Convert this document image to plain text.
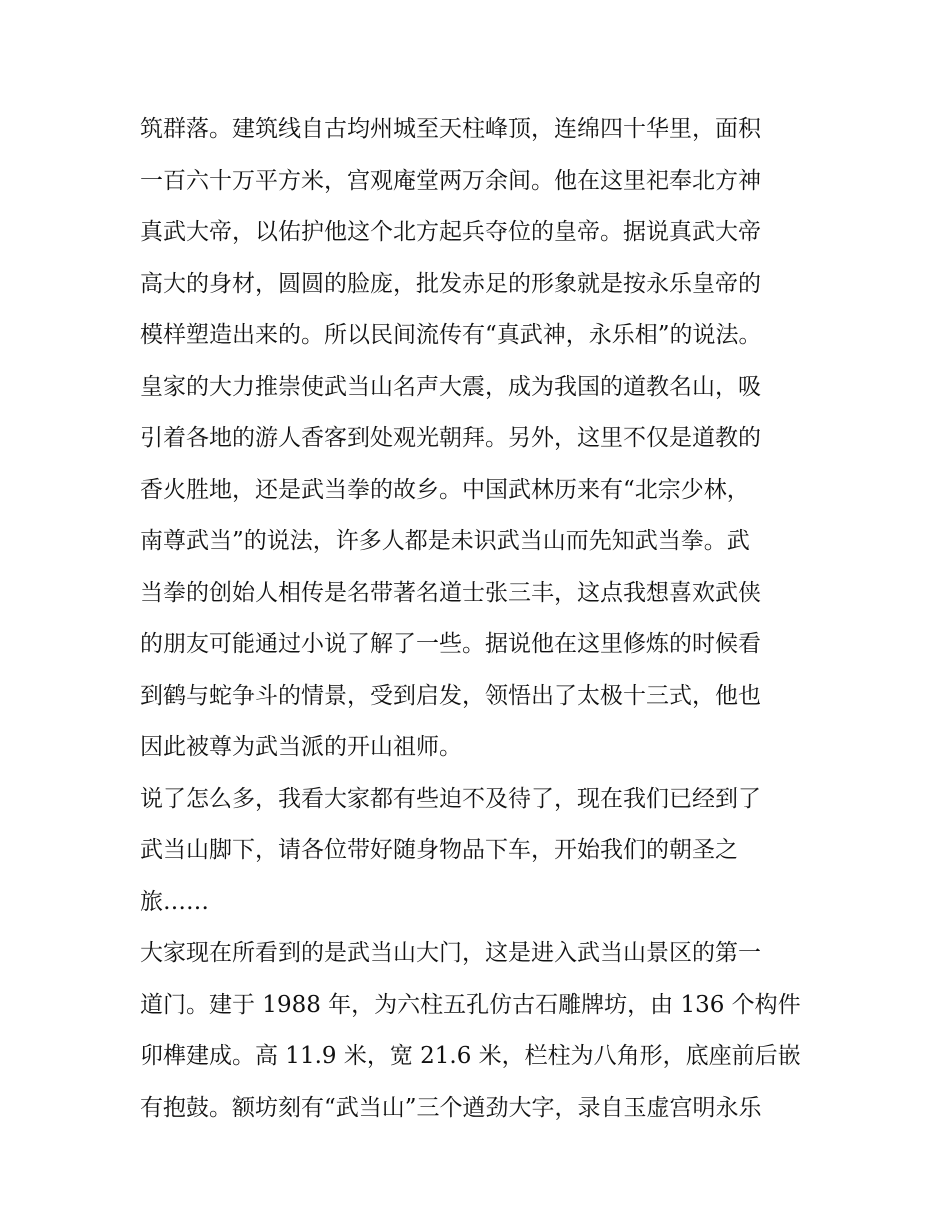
筑群落。建筑线自古均州城至天柱峰顶，连绵四十华里，面积
一百六十万平方米，宫观庵堂两万余间。他在这里祀奉北方神
真武大帝，以佑护他这个北方起兵夺位的皇帝。据说真武大帝
高大的身材，圆圆的脸庞，批发赤足的形象就是按永乐皇帝的
模样塑造出来的。所以民间流传有“真武神，永乐相”的说法。
皇家的大力推崇使武当山名声大震，成为我国的道教名山，吸
引着各地的游人香客到处观光朝拜。另外，这里不仅是道教的
香火胜地，还是武当拳的故乡。中国武林历来有“北宗少林，
南尊武当”的说法，许多人都是未识武当山而先知武当拳。武
当拳的创始人相传是名带著名道士张三丰，这点我想喜欢武侠
的朋友可能通过小说了解了一些。据说他在这里修炼的时候看
到鹤与蛇争斗的情景，受到启发，领悟出了太极十三式，他也
因此被尊为武当派的开山祖师。
说了怎么多，我看大家都有些迫不及待了，现在我们已经到了
武当山脚下，请各位带好随身物品下车，开始我们的朝圣之
旅……
大家现在所看到的是武当山大门，这是进入武当山景区的第一
道门。建于 1988 年，为六柱五孔仿古石雕牌坊，由 136 个构件
卯榫建成。高 11.9 米，宽 21.6 米，栏柱为八角形，底座前后嵌
有抱鼓。额坊刻有“武当山”三个遒劲大字，录自玉虚宫明永乐
